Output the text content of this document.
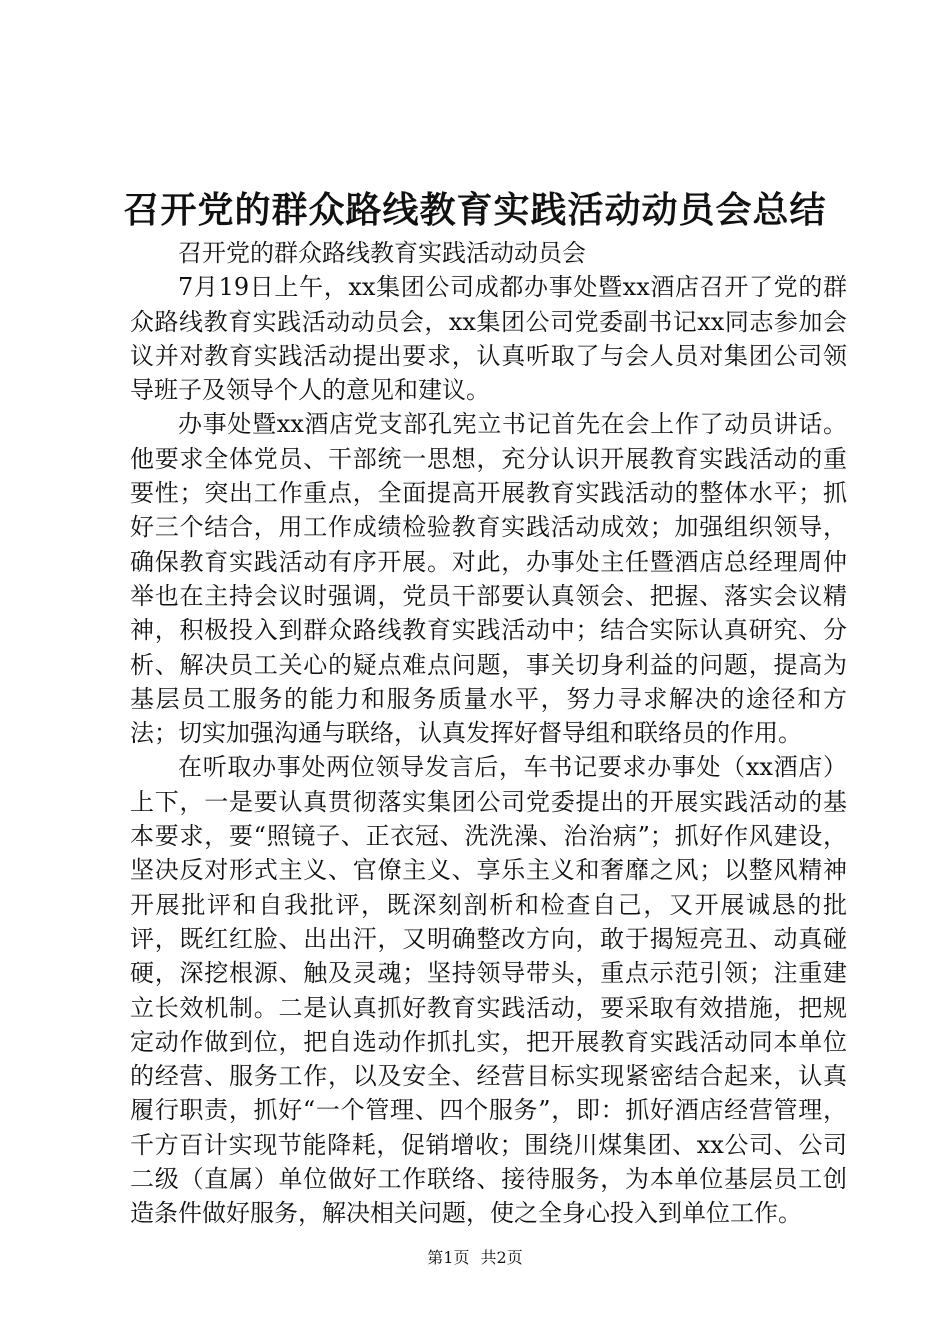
召开党的群众路线教育实践活动动员会总结

召开党的群众路线教育实践活动动员会

7月19日上午，xx集团公司成都办事处暨xx酒店召开了党的群众路线教育实践活动动员会，xx集团公司党委副书记xx同志参加会议并对教育实践活动提出要求，认真听取了与会人员对集团公司领导班子及领导个人的意见和建议。

办事处暨xx酒店党支部孔宪立书记首先在会上作了动员讲话。他要求全体党员、干部统一思想，充分认识开展教育实践活动的重要性；突出工作重点，全面提高开展教育实践活动的整体水平；抓好三个结合，用工作成绩检验教育实践活动成效；加强组织领导，确保教育实践活动有序开展。对此，办事处主任暨酒店总经理周仲举也在主持会议时强调，党员干部要认真领会、把握、落实会议精神，积极投入到群众路线教育实践活动中；结合实际认真研究、分析、解决员工关心的疑点难点问题，事关切身利益的问题，提高为基层员工服务的能力和服务质量水平，努力寻求解决的途径和方法；切实加强沟通与联络，认真发挥好督导组和联络员的作用。

在听取办事处两位领导发言后，车书记要求办事处（xx酒店）上下，一是要认真贯彻落实集团公司党委提出的开展实践活动的基本要求，要“照镜子、正衣冠、洗洗澡、治治病”；抓好作风建设，坚决反对形式主义、官僚主义、享乐主义和奢靡之风；以整风精神开展批评和自我批评，既深刻剖析和检查自己，又开展诚恳的批评，既红红脸、出出汗，又明确整改方向，敢于揭短亮丑、动真碰硬，深挖根源、触及灵魂；坚持领导带头，重点示范引领；注重建立长效机制。二是认真抓好教育实践活动，要采取有效措施，把规定动作做到位，把自选动作抓扎实，把开展教育实践活动同本单位的经营、服务工作，以及安全、经营目标实现紧密结合起来，认真履行职责，抓好“一个管理、四个服务”，即：抓好酒店经营管理，千方百计实现节能降耗，促销增收；围绕川煤集团、xx公司、公司二级（直属）单位做好工作联络、接待服务，为本单位基层员工创造条件做好服务，解决相关问题，使之全身心投入到单位工作。

第1页 共2页
